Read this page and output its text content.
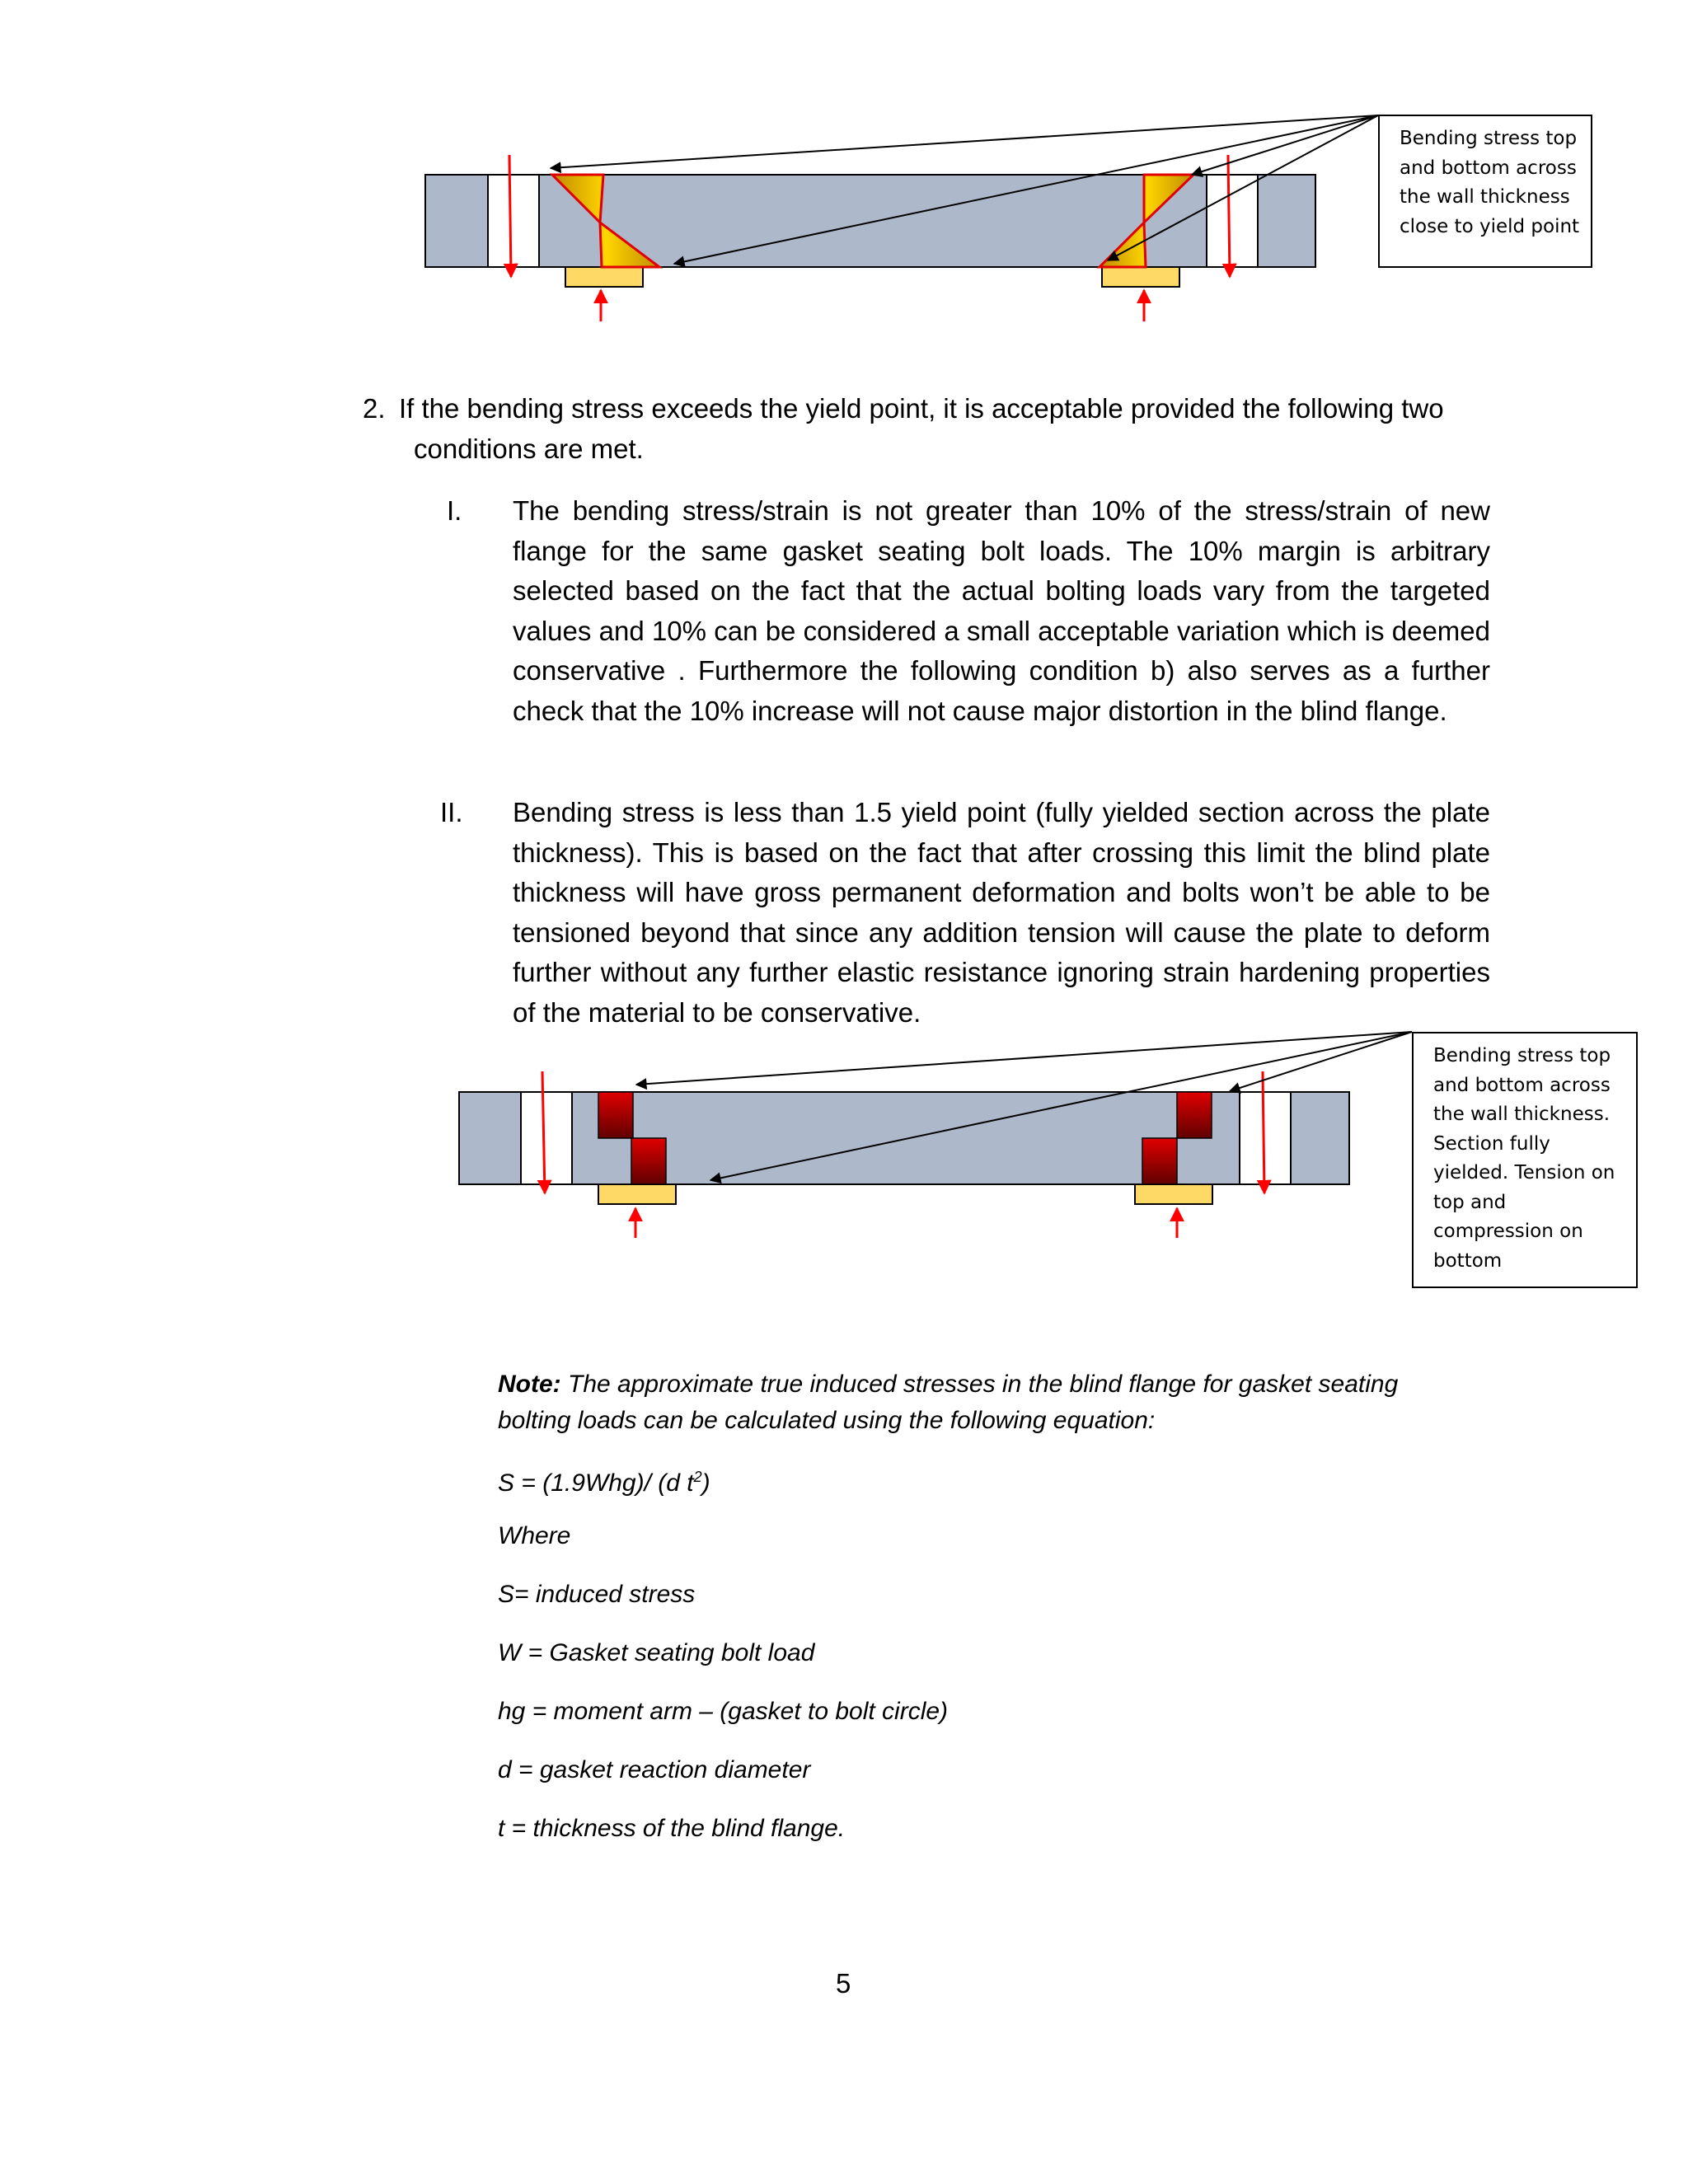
Bending stress top
and bottom across
the wall thickness
close to yield point
2. If the bending stress exceeds the yield point, it is acceptable provided the following two conditions are met.
I. The bending stress/strain is not greater than 10% of the stress/strain of new flange for the same gasket seating bolt loads. The 10% margin is arbitrary selected based on the fact that the actual bolting loads vary from the targeted values and 10% can be considered a small acceptable variation which is deemed conservative . Furthermore the following condition b) also serves as a further check that the 10% increase will not cause major distortion in the blind flange.
II. Bending stress is less than 1.5 yield point (fully yielded section across the plate thickness). This is based on the fact that after crossing this limit the blind plate thickness will have gross permanent deformation and bolts won’t be able to be tensioned beyond that since any addition tension will cause the plate to deform further without any further elastic resistance ignoring strain hardening properties of the material to be conservative.
Bending stress top
and bottom across
the wall thickness.
Section fully
yielded. Tension on
top and
compression on
bottom
Note: The approximate true induced stresses in the blind flange for gasket seating bolting loads can be calculated using the following equation:
S = (1.9Whg)/ (d $t^2$)
Where
S= induced stress
W = Gasket seating bolt load
hg = moment arm – (gasket to bolt circle)
d = gasket reaction diameter
t = thickness of the blind flange.
5
